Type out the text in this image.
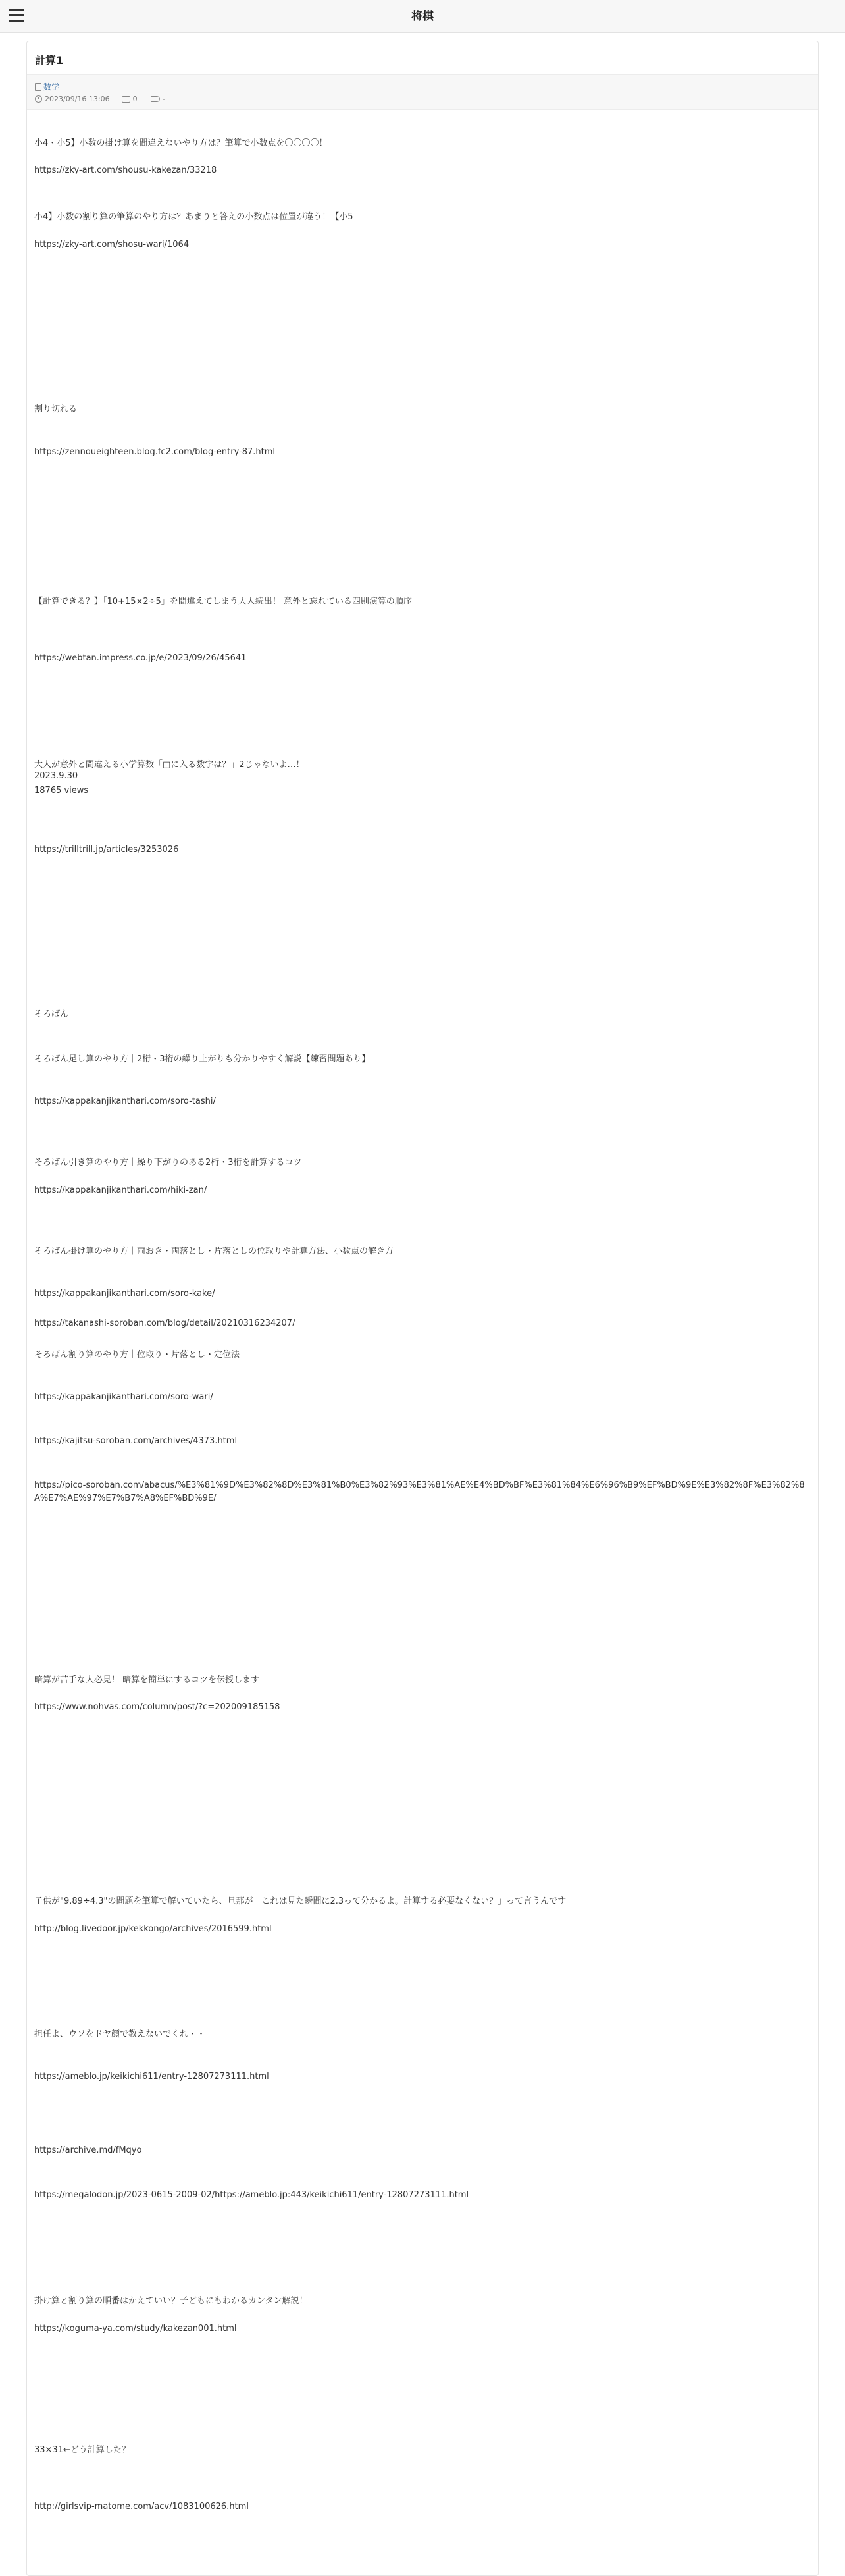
将棋
計算1
数学
2023/09/16 13:06	0	-
小4・小5】小数の掛け算を間違えないやり方は？筆算で小数点を〇〇〇〇！
https://zky-art.com/shousu-kakezan/33218
小4】小数の割り算の筆算のやり方は？あまりと答えの小数点は位置が違う！【小5
https://zky-art.com/shosu-wari/1064
割り切れる
https://zennoueighteen.blog.fc2.com/blog-entry-87.html
【計算できる？】「10+15×2÷5」を間違えてしまう大人続出！ 意外と忘れている四則演算の順序
https://webtan.impress.co.jp/e/2023/09/26/45641
大人が意外と間違える小学算数「□に入る数字は？」2じゃないよ…！
2023.9.30
18765 views
https://trilltrill.jp/articles/3253026
そろばん
そろばん足し算のやり方｜2桁・3桁の繰り上がりも分かりやすく解説【練習問題あり】
https://kappakanjikanthari.com/soro-tashi/
そろばん引き算のやり方｜繰り下がりのある2桁・3桁を計算するコツ
https://kappakanjikanthari.com/hiki-zan/
そろばん掛け算のやり方｜両おき・両落とし・片落としの位取りや計算方法、小数点の解き方
https://kappakanjikanthari.com/soro-kake/
https://takanashi-soroban.com/blog/detail/20210316234207/
そろばん割り算のやり方｜位取り・片落とし・定位法
https://kappakanjikanthari.com/soro-wari/
https://kajitsu-soroban.com/archives/4373.html
https://pico-soroban.com/abacus/%E3%81%9D%E3%82%8D%E3%81%B0%E3%82%93%E3%81%AE%E4%BD%BF%E3%81%84%E6%96%B9%EF%BD%9E%E3%82%8F%E3%82%8A%E7%AE%97%E7%B7%A8%EF%BD%9E/
暗算が苦手な人必見！ 暗算を簡単にするコツを伝授します
https://www.nohvas.com/column/post/?c=202009185158
子供が"9.89÷4.3"の問題を筆算で解いていたら、旦那が「これは見た瞬間に2.3って分かるよ。計算する必要なくない？」って言うんです
http://blog.livedoor.jp/kekkongo/archives/2016599.html
担任よ、ウソをドヤ顔で教えないでくれ・・
https://ameblo.jp/keikichi611/entry-12807273111.html
https://archive.md/fMqyo
https://megalodon.jp/2023-0615-2009-02/https://ameblo.jp:443/keikichi611/entry-12807273111.html
掛け算と割り算の順番はかえていい？子どもにもわかるカンタン解説！
https://koguma-ya.com/study/kakezan001.html
33×31←どう計算した？
http://girlsvip-matome.com/acv/1083100626.html
